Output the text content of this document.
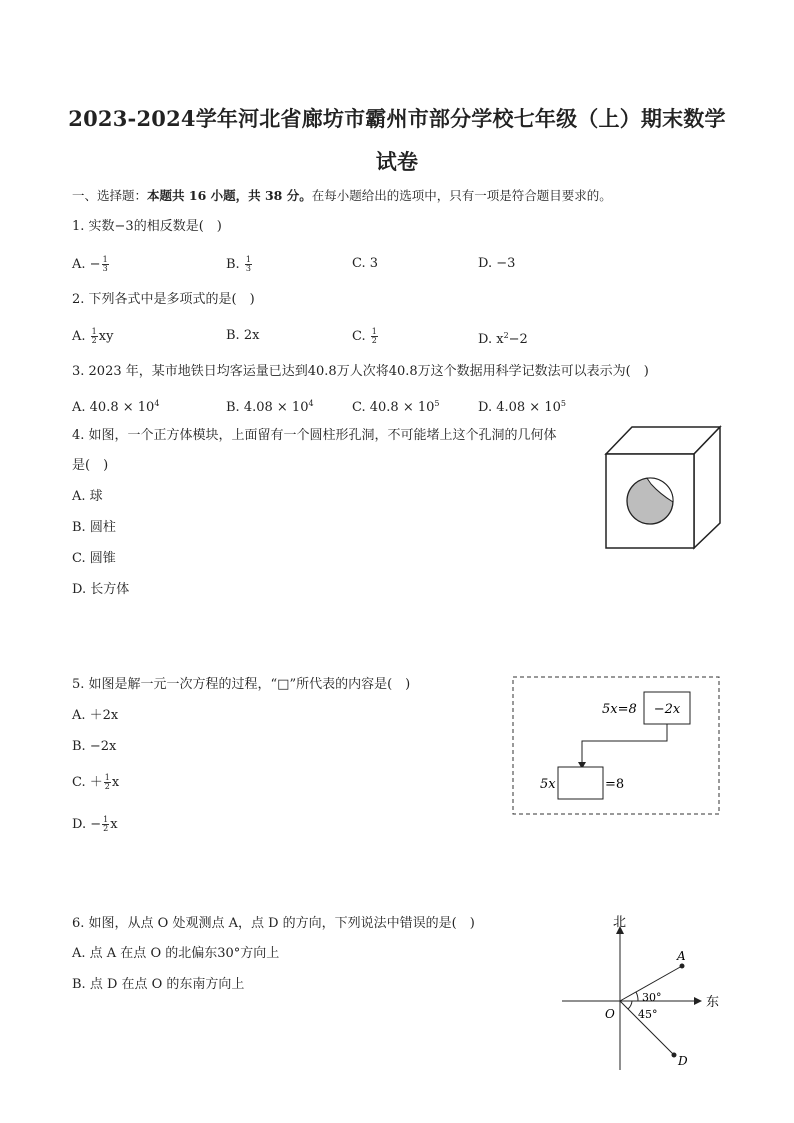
2023-2024学年河北省廊坊市霸州市部分学校七年级（上）期末数学
试卷
一、选择题：本题共 16 小题，共 38 分。在每小题给出的选项中，只有一项是符合题目要求的。
1. 实数−3的相反数是(　)
A. − $\frac{1}{3}$	B. $\frac{1}{3}$	C. 3	D. −3
2. 下列各式中是多项式的是(　)
A. $\frac{1}{2}$ xy	B. 2x	C. $\frac{1}{2}$	D. $x^2-2$
3. 2023 年，某市地铁日均客运量已达到40.8万人次将40.8万这个数据用科学记数法可以表示为(　)
A. $40.8 \times 10^4$	B. $4.08 \times 10^4$	C. $40.8 \times 10^5$	D. $4.08 \times 10^5$
4. 如图，一个正方体模块，上面留有一个圆柱形孔洞，不可能堵上这个孔洞的几何体
是(　)
A. 球
B. 圆柱
C. 圆锥
D. 长方体
5. 如图是解一元一次方程的过程，“□”所代表的内容是(　)
A. ＋2x
B. −2x
C. ＋ $\frac{1}{2}$ x
D. − $\frac{1}{2}$ x
5x=8 −2x
5x	=8
6. 如图，从点 O 处观测点 A，点 D 的方向，下列说法中错误的是(　)
A. 点 A 在点 O 的北偏东30°方向上
B. 点 D 在点 O 的东南方向上
北
东
A
D
O
30°
45°
